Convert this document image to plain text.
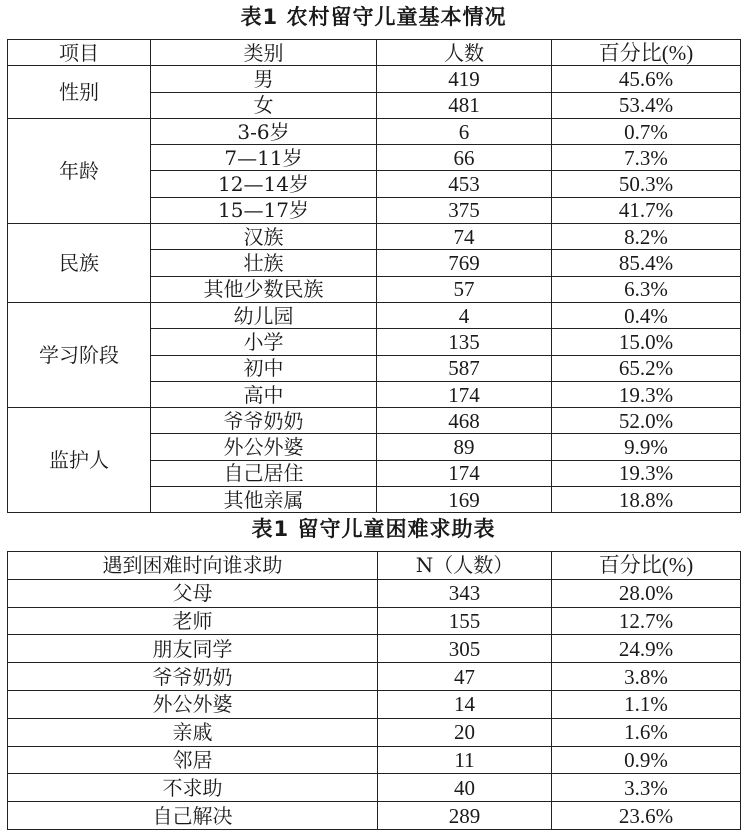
表1 农村留守儿童基本情况
项目	类别	人数	百分比(%)
性别	男	419	45.6%
	女	481	53.4%
年龄	3-6岁	6	0.7%
	7—11岁	66	7.3%
	12—14岁	453	50.3%
	15—17岁	375	41.7%
民族	汉族	74	8.2%
	壮族	769	85.4%
	其他少数民族	57	6.3%
学习阶段	幼儿园	4	0.4%
	小学	135	15.0%
	初中	587	65.2%
	高中	174	19.3%
监护人	爷爷奶奶	468	52.0%
	外公外婆	89	9.9%
	自己居住	174	19.3%
	其他亲属	169	18.8%
表1 留守儿童困难求助表
遇到困难时向谁求助	N（人数）	百分比(%)
父母	343	28.0%
老师	155	12.7%
朋友同学	305	24.9%
爷爷奶奶	47	3.8%
外公外婆	14	1.1%
亲戚	20	1.6%
邻居	11	0.9%
不求助	40	3.3%
自己解决	289	23.6%
